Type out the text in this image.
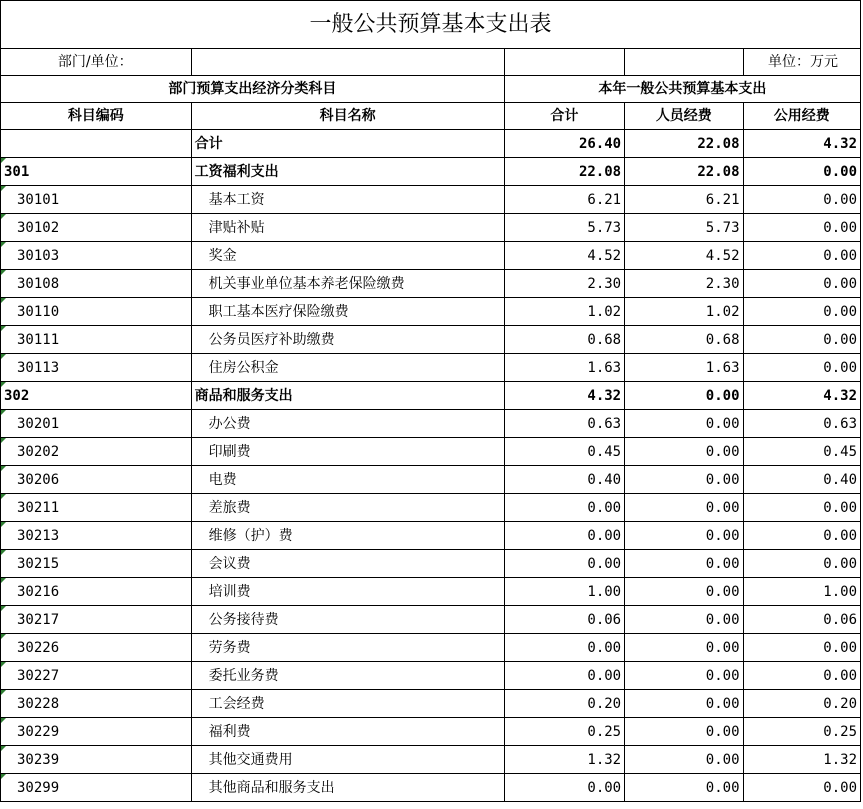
一般公共预算基本支出表				
部门/单位：				单位：万元
部门预算支出经济分类科目		本年一般公共预算基本支出		
科目编码	科目名称	合计	人员经费	公用经费
	合计	26.40	22.08	4.32

301	工资福利支出	22.08	22.08	0.00

30101	基本工资	6.21	6.21	0.00

30102	津贴补贴	5.73	5.73	0.00

30103	奖金	4.52	4.52	0.00

30108	机关事业单位基本养老保险缴费	2.30	2.30	0.00

30110	职工基本医疗保险缴费	1.02	1.02	0.00

30111	公务员医疗补助缴费	0.68	0.68	0.00

30113	住房公积金	1.63	1.63	0.00

302	商品和服务支出	4.32	0.00	4.32

30201	办公费	0.63	0.00	0.63

30202	印刷费	0.45	0.00	0.45

30206	电费	0.40	0.00	0.40

30211	差旅费	0.00	0.00	0.00

30213	维修（护）费	0.00	0.00	0.00

30215	会议费	0.00	0.00	0.00

30216	培训费	1.00	0.00	1.00

30217	公务接待费	0.06	0.00	0.06

30226	劳务费	0.00	0.00	0.00

30227	委托业务费	0.00	0.00	0.00

30228	工会经费	0.20	0.00	0.20

30229	福利费	0.25	0.00	0.25

30239	其他交通费用	1.32	0.00	1.32

30299	其他商品和服务支出	0.00	0.00	0.00
